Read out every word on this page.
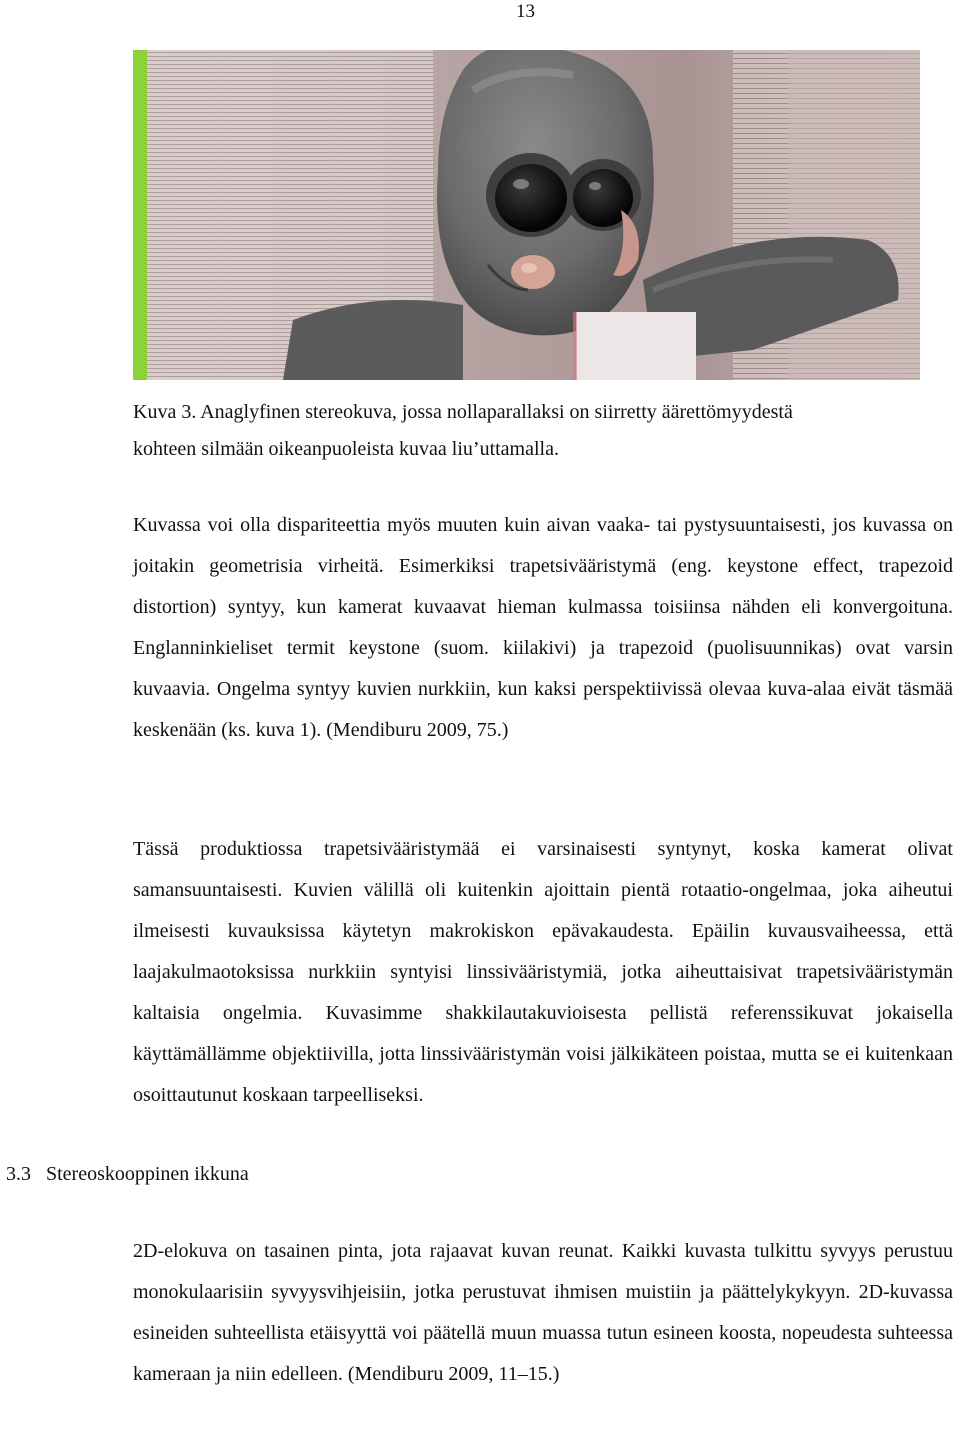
13
Kuva 3. Anaglyfinen stereokuva, jossa nollaparallaksi on siirretty äärettömyydestä
kohteen silmään oikeanpuoleista kuvaa liu’uttamalla.
Kuvassa voi olla dispariteettia myös muuten kuin aivan vaaka- tai pystysuuntaisesti, jos kuvassa on joitakin geometrisia virheitä. Esimerkiksi trapetsivääristymä (eng. keystone effect, trapezoid distortion) syntyy, kun kamerat kuvaavat hieman kulmassa toisiinsa nähden eli konvergoituna. Englanninkieliset termit keystone (suom. kiilakivi) ja trapezoid (puolisuunnikas) ovat varsin kuvaavia. Ongelma syntyy kuvien nurkkiin, kun kaksi perspektiivissä olevaa kuva-alaa eivät täsmää keskenään (ks. kuva 1). (Mendiburu 2009, 75.)
Tässä produktiossa trapetsivääristymää ei varsinaisesti syntynyt, koska kamerat olivat samansuuntaisesti. Kuvien välillä oli kuitenkin ajoittain pientä rotaatio-ongelmaa, joka aiheutui ilmeisesti kuvauksissa käytetyn makrokiskon epävakaudesta. Epäilin kuvausvaiheessa, että laajakulmaotoksissa nurkkiin syntyisi linssivääristymiä, jotka aiheuttaisivat trapetsivääristymän kaltaisia ongelmia. Kuvasimme shakkilautakuvioisesta pellistä referenssikuvat jokaisella käyttämällämme objektiivilla, jotta linssivääristymän voisi jälkikäteen poistaa, mutta se ei kuitenkaan osoittautunut koskaan tarpeelliseksi.
3.3 Stereoskooppinen ikkuna
2D-elokuva on tasainen pinta, jota rajaavat kuvan reunat. Kaikki kuvasta tulkittu syvyys perustuu monokulaarisiin syvyysvihjeisiin, jotka perustuvat ihmisen muistiin ja päättelykykyyn. 2D-kuvassa esineiden suhteellista etäisyyttä voi päätellä muun muassa tutun esineen koosta, nopeudesta suhteessa kameraan ja niin edelleen. (Mendiburu 2009, 11–15.)
